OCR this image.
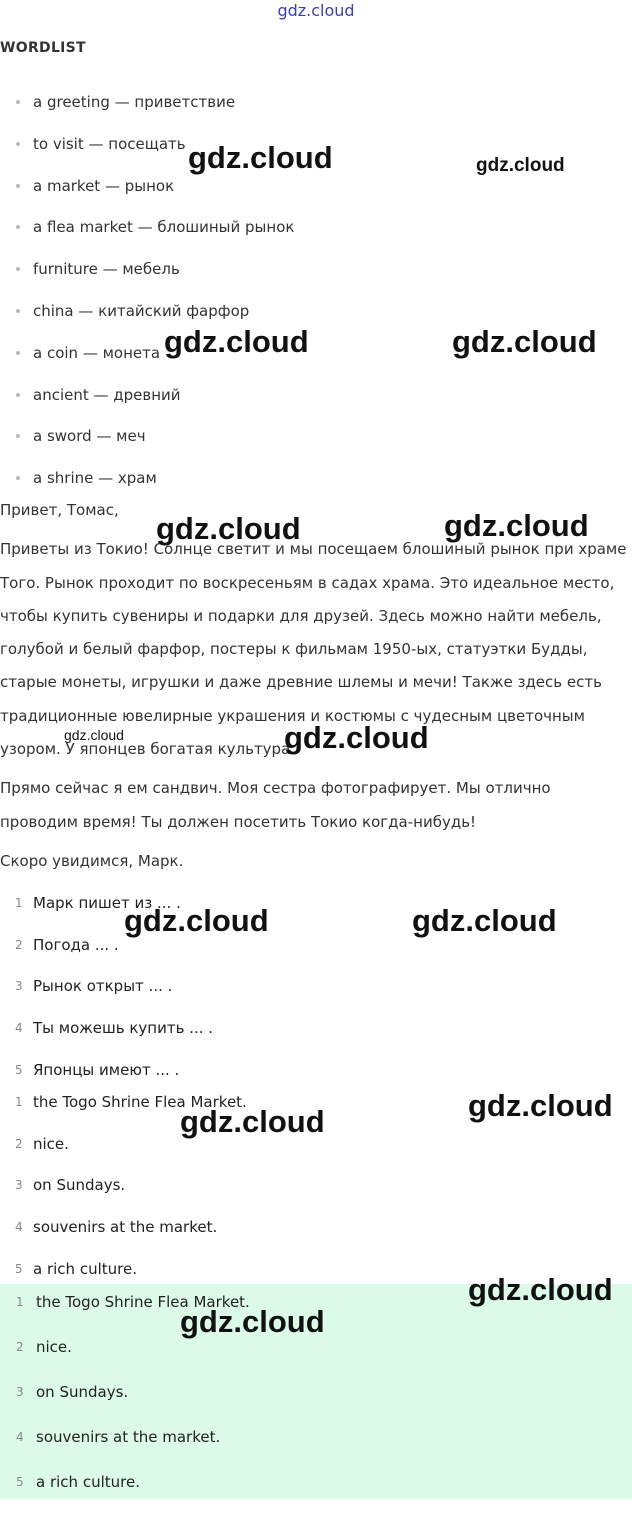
gdz.cloud
WORDLIST
a greeting — приветствие
to visit — посещать
a market — рынок
a flea market — блошиный рынок
furniture — мебель
china — китайский фарфор
a coin — монета
ancient — древний
a sword — меч
a shrine — храм

Привет, Томас,

Приветы из Токио! Солнце светит и мы посещаем блошиный рынок при храме Того. Рынок проходит по воскресеньям в садах храма. Это идеальное место, чтобы купить сувениры и подарки для друзей. Здесь можно найти мебель, голубой и белый фарфор, постеры к фильмам 1950-ых, статуэтки Будды, старые монеты, игрушки и даже древние шлемы и мечи! Также здесь есть традиционные ювелирные украшения и костюмы с чудесным цветочным узором. У японцев богатая культура.

Прямо сейчас я ем сандвич. Моя сестра фотографирует. Мы отлично проводим время! Ты должен посетить Токио когда-нибудь!

Скоро увидимся, Марк.

1 Марк пишет из ... .
2 Погода ... .
3 Рынок открыт ... .
4 Ты можешь купить ... .
5 Японцы имеют ... .
1 the Togo Shrine Flea Market.
2 nice.
3 on Sundays.
4 souvenirs at the market.
5 a rich culture.
1 the Togo Shrine Flea Market.
2 nice.
3 on Sundays.
4 souvenirs at the market.
5 a rich culture.
gdz.cloud	gdz.cloud
gdz.cloud	gdz.cloud
gdz.cloud	gdz.cloud
gdz.cloud	gdz.cloud
gdz.cloud	gdz.cloud
gdz.cloud
gdz.cloud
gdz.cloud
gdz.cloud
